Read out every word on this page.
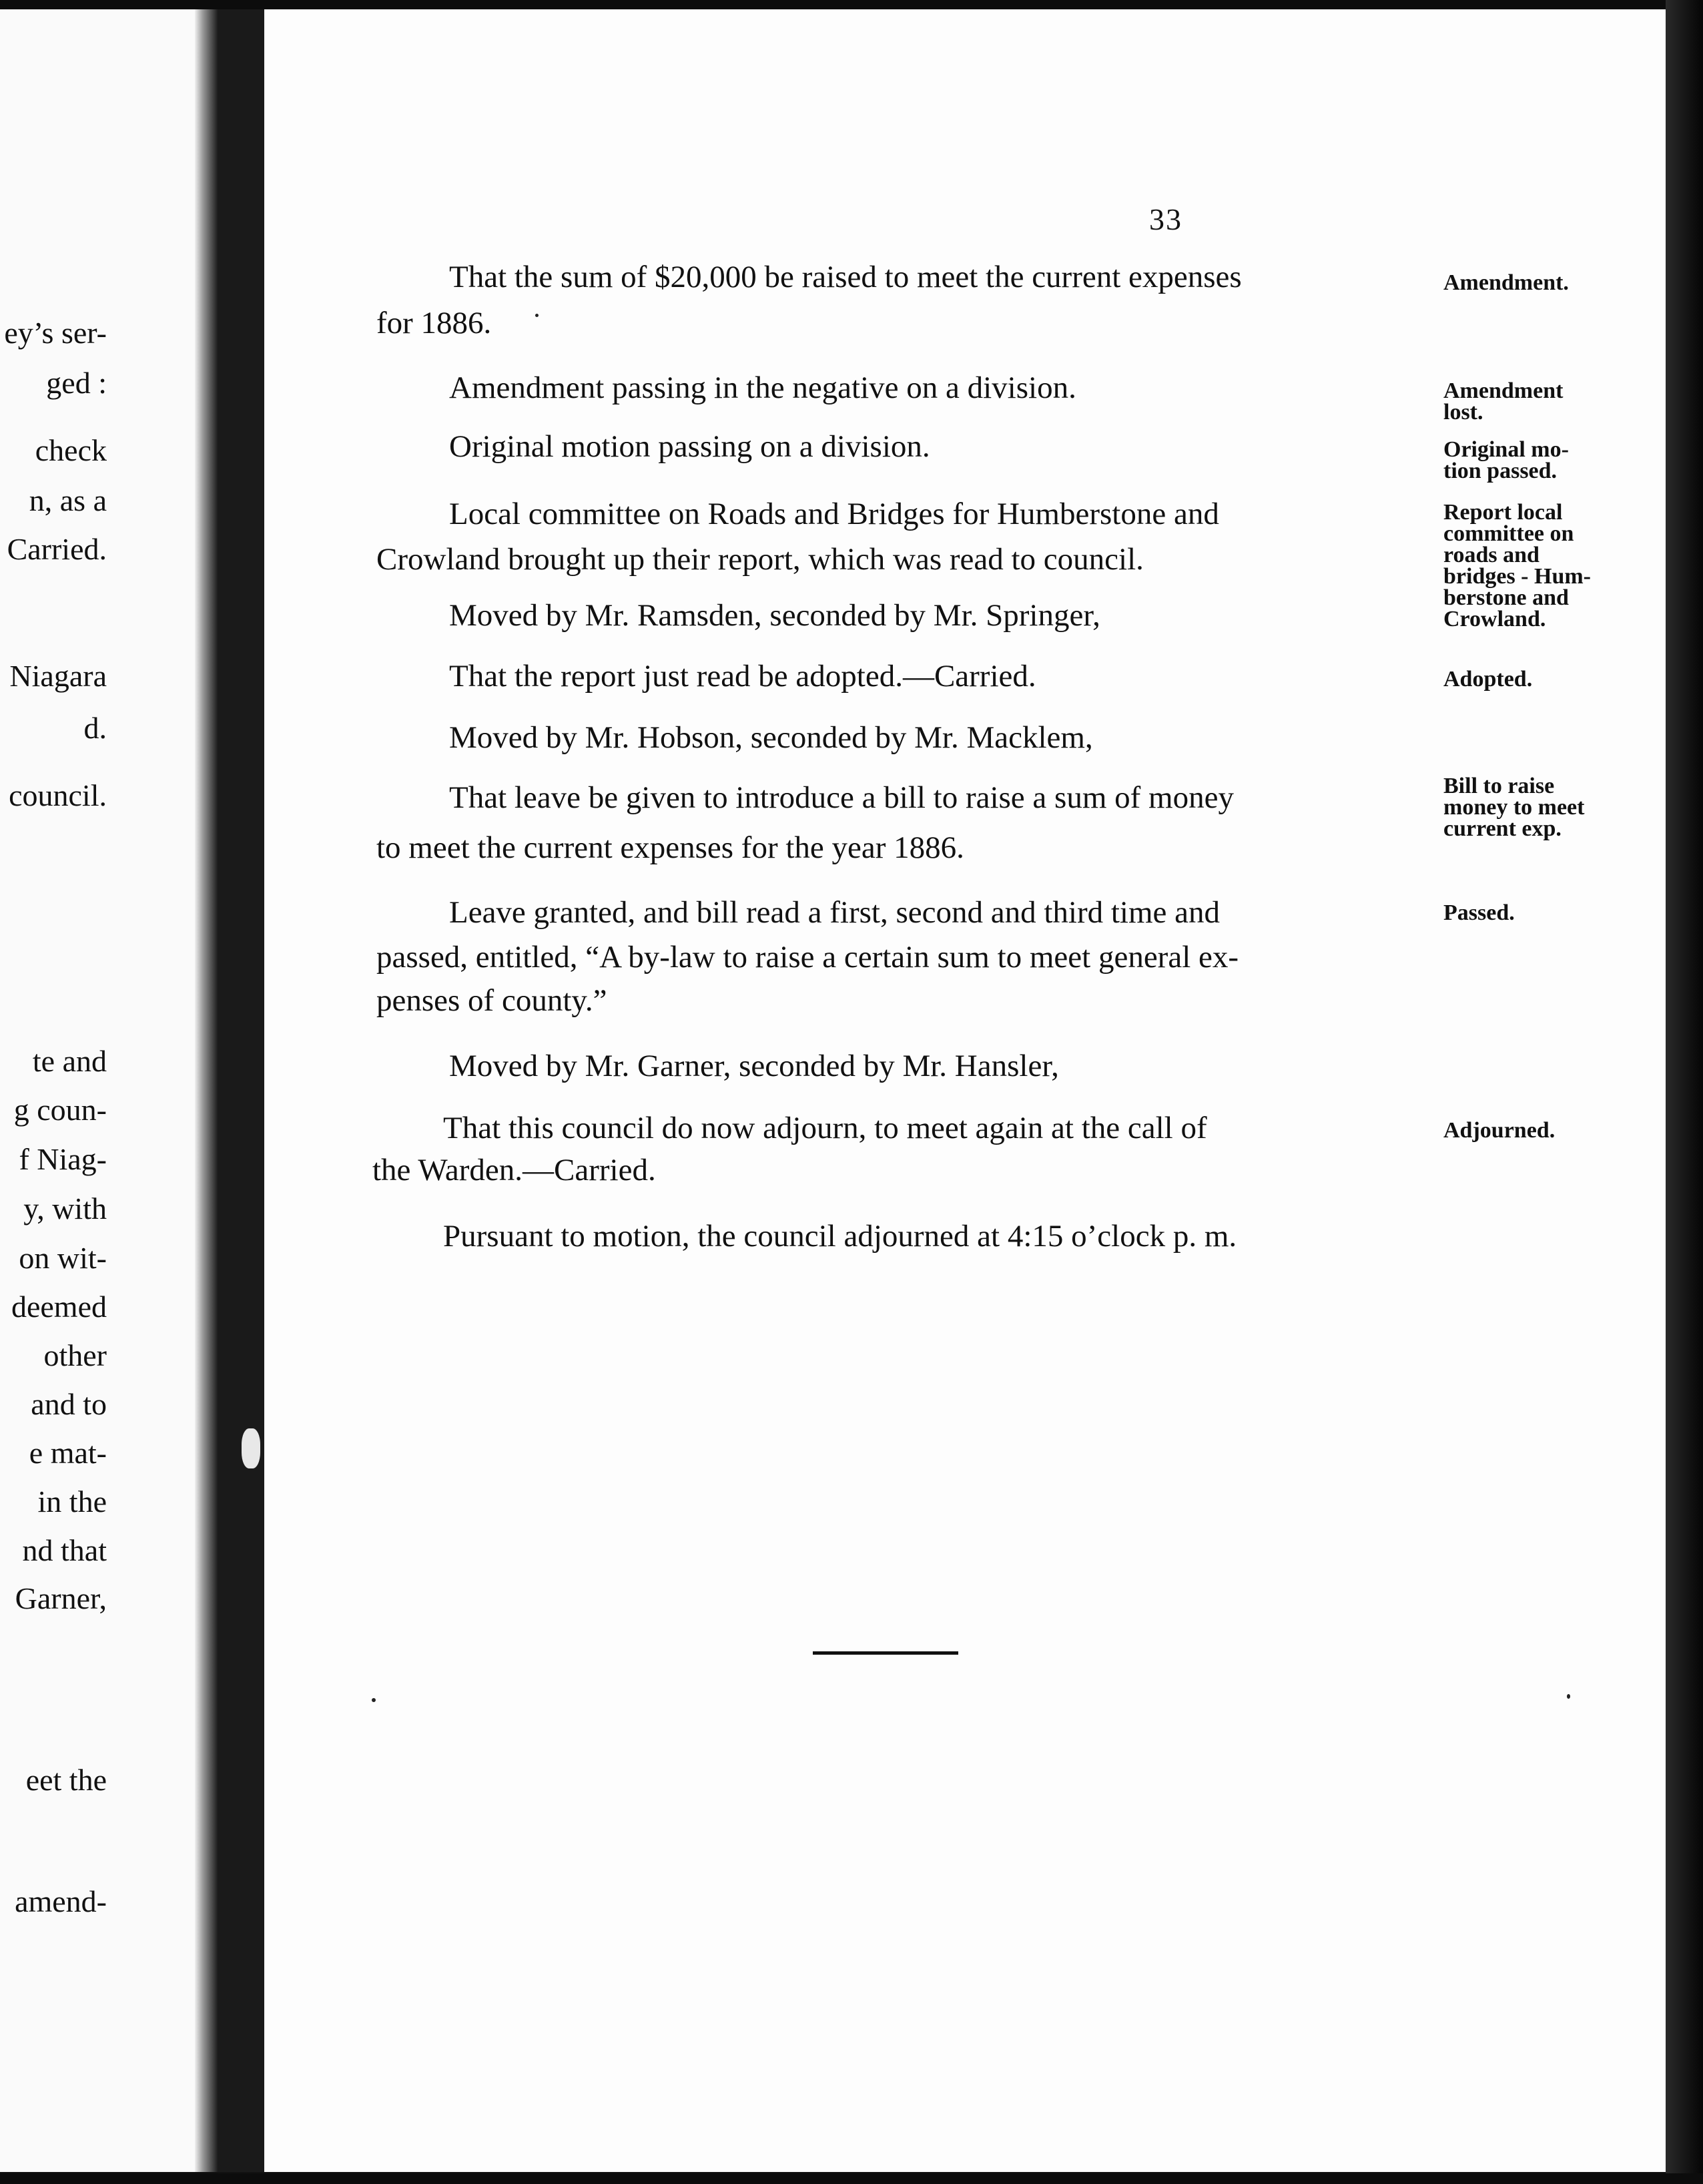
ey’s ser-
ged :
check
n, as a
Carried.
Niagara
d.
council.
te and
g coun-
f Niag-
y, with
on wit-
deemed
other
and to
e mat-
in the
nd that
Garner,
eet the
amend-
33
That the sum of $20,000 be raised to meet the current expenses
for 1886.
Amendment passing in the negative on a division.
Original motion passing on a division.
Local committee on Roads and Bridges for Humberstone and
Crowland brought up their report, which was read to council.
Moved by Mr. Ramsden, seconded by Mr. Springer,
That the report just read be adopted.—Carried.
Moved by Mr. Hobson, seconded by Mr. Macklem,
That leave be given to introduce a bill to raise a sum of money
to meet the current expenses for the year 1886.
Leave granted, and bill read a first, second and third time and
passed, entitled, “A by-law to raise a certain sum to meet general ex-
penses of county.”
Moved by Mr. Garner, seconded by Mr. Hansler,
That this council do now adjourn, to meet again at the call of
the Warden.—Carried.
Pursuant to motion, the council adjourned at 4:15 o’clock p. m.
Amendment.
Amendment
lost.
Original mo-
tion passed.
Report local
committee on
roads and
bridges - Hum-
berstone and
Crowland.
Adopted.
Bill to raise
money to meet
current exp.
Passed.
Adjourned.
